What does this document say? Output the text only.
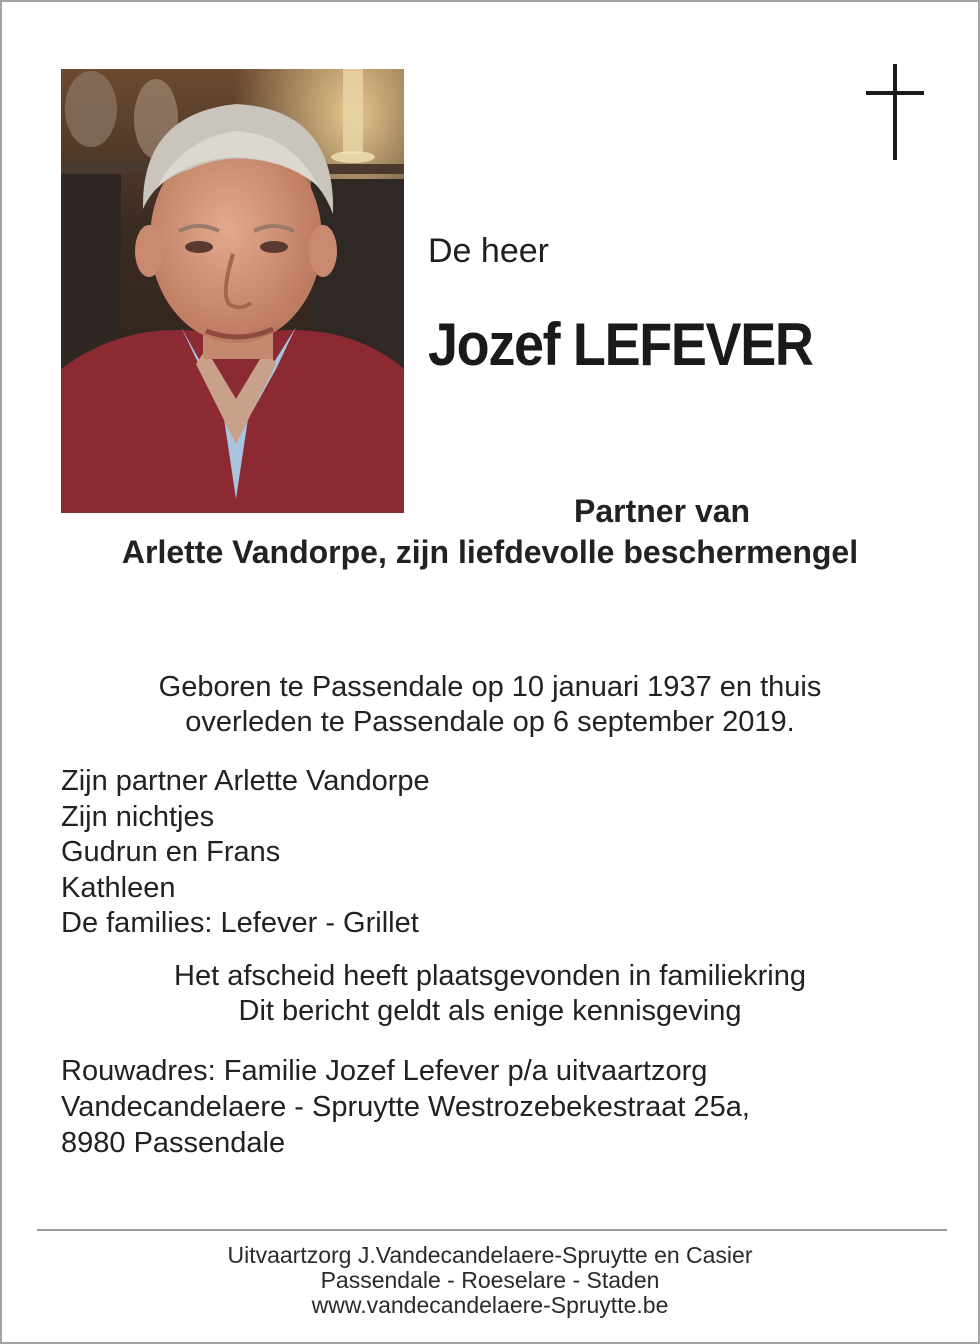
De heer
Jozef LEFEVER
Partner van
Arlette Vandorpe, zijn liefdevolle beschermengel
Geboren te Passendale op 10 januari 1937 en thuis
overleden te Passendale op 6 september 2019.
Zijn partner Arlette Vandorpe
Zijn nichtjes
Gudrun en Frans
Kathleen
De families: Lefever - Grillet
Het afscheid heeft plaatsgevonden in familiekring
Dit bericht geldt als enige kennisgeving
Rouwadres: Familie Jozef Lefever p/a uitvaartzorg
Vandecandelaere - Spruytte Westrozebekestraat 25a,
8980 Passendale
Uitvaartzorg J.Vandecandelaere-Spruytte en Casier
Passendale - Roeselare - Staden
www.vandecandelaere-Spruytte.be
